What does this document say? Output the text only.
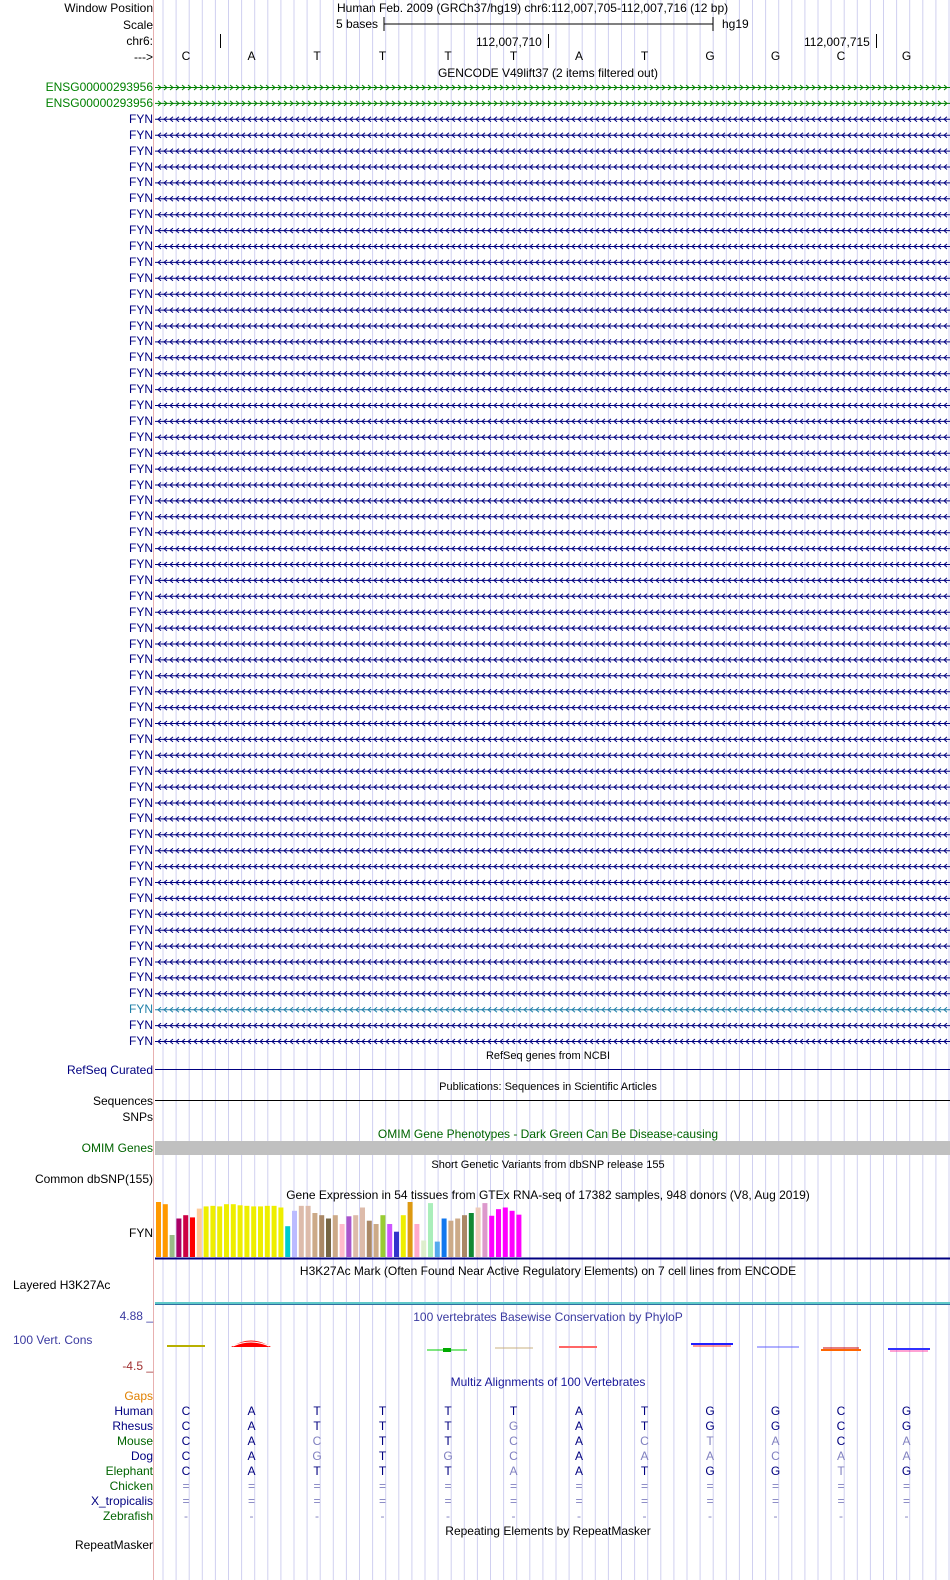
Window Position	Human Feb. 2009 (GRCh37/hg19) chr6:112,007,705-112,007,716 (12 bp)
Scale	5 bases	hg19
chr6:	112,007,710	112,007,715
---> C	A	T	T	T	T	A	T	G	G	C	G
GENCODE V49lift37 (2 items filtered out)
ENSG00000293956
ENSG00000293956
FYN
FYN
FYN
FYN
FYN
FYN
FYN
FYN
FYN
FYN
FYN
FYN
FYN
FYN
FYN
FYN
FYN
FYN
FYN
FYN
FYN
FYN
FYN
FYN
FYN
FYN
FYN
FYN
FYN
FYN
FYN
FYN
FYN
FYN
FYN
FYN
FYN
FYN
FYN
FYN
FYN
FYN
FYN
FYN
FYN
FYN
FYN
FYN
FYN
FYN
FYN
FYN
FYN
FYN
FYN
FYN
FYN
FYN
FYN
RefSeq genes from NCBI
RefSeq Curated
Publications: Sequences in Scientific Articles
Sequences
SNPs
OMIM Gene Phenotypes - Dark Green Can Be Disease-causing
OMIM Genes
Short Genetic Variants from dbSNP release 155
Common dbSNP(155)
Gene Expression in 54 tissues from GTEx RNA-seq of 17382 samples, 948 donors (V8, Aug 2019)
FYN
H3K27Ac Mark (Often Found Near Active Regulatory Elements) on 7 cell lines from ENCODE
Layered H3K27Ac
100 vertebrates Basewise Conservation by PhyloP
4.88 _
100 Vert. Cons
-4.5 _
Multiz Alignments of 100 Vertebrates
Gaps
Human C	A	T	T	T	T	A	T	G	G	C	G
Rhesus C	A	T	T	T	G	A	T	G	G	C	G
Mouse C	A	C	T	T	C	A	C	T	A	C	A
Dog C	A	G	T	G	C	A	A	A	C	A	A
Elephant C	A	T	T	T	A	A	T	G	G	T	G
Chicken =	=	=	=	=	=	=	=	=	=	=	=
X_tropicalis =	=	=	=	=	=	=	=	=	=	=	=
Zebrafish	-	-	-	-	-	-	-	-	-	-	-	-
Repeating Elements by RepeatMasker
RepeatMasker
